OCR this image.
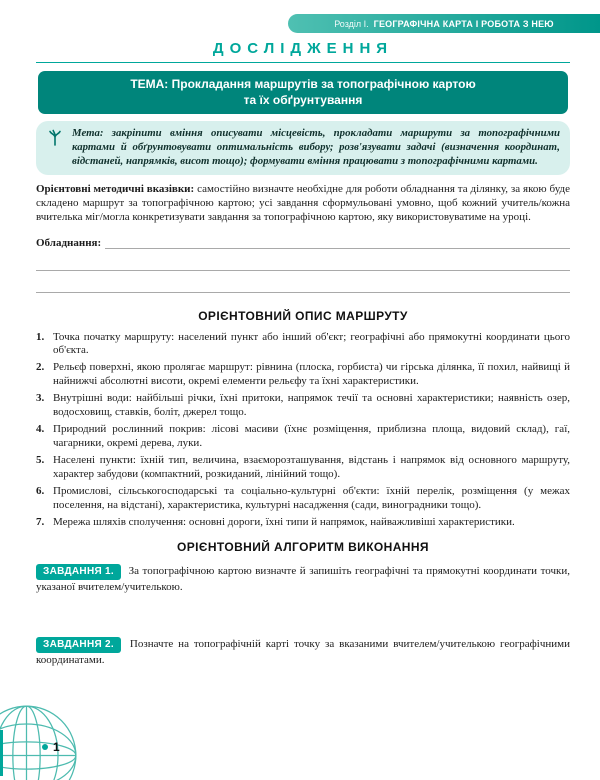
Розділ І. ГЕОГРАФІЧНА КАРТА І РОБОТА З НЕЮ
ДОСЛІДЖЕННЯ
ТЕМА: Прокладання маршрутів за топографічною картою
та їх обґрунтування
Мета: закріпити вміння описувати місцевість, прокладати маршрути за топографічними картами й обґрунтовувати оптимальність вибору; розв'язувати задачі (визначення координат, відстаней, напрямків, висот тощо); формувати вміння працювати з топографічними картами.

Орієнтовні методичні вказівки: самостійно визначте необхідне для роботи обладнання та ділянку, за якою буде складено маршрут за топографічною картою; усі завдання сформульовані умовно, щоб кожний учитель/кожна вчителька міг/могла конкретизувати завдання за топографічною картою, яку використовуватиме на уроці.

Обладнання:
ОРІЄНТОВНИЙ ОПИС МАРШРУТУ
1. Точка початку маршруту: населений пункт або інший об'єкт; географічні або прямокутні координати цього об'єкта.
2. Рельєф поверхні, якою пролягає маршрут: рівнина (плоска, горбиста) чи гірська ділянка, її похил, найвищі й найнижчі абсолютні висоти, окремі елементи рельєфу та їхні характеристики.
3. Внутрішні води: найбільші річки, їхні притоки, напрямок течії та основні характеристики; наявність озер, водосховищ, ставків, боліт, джерел тощо.
4. Природний рослинний покрив: лісові масиви (їхнє розміщення, приблизна площа, видовий склад), гаї, чагарники, окремі дерева, луки.
5. Населені пункти: їхній тип, величина, взаєморозташування, відстань і напрямок від основного маршруту, характер забудови (компактний, розкиданий, лінійний тощо).
6. Промислові, сільськогосподарські та соціально-культурні об'єкти: їхній перелік, розміщення (у межах поселення, на відстані), характеристика, культурні насадження (сади, виноградники тощо).
7. Мережа шляхів сполучення: основні дороги, їхні типи й напрямок, найважливіші характеристики.
ОРІЄНТОВНИЙ АЛГОРИТМ ВИКОНАННЯ

ЗАВДАННЯ 1. За топографічною картою визначте й запишіть географічні та прямокутні координати точки, указаної вчителем/учителькою.

ЗАВДАННЯ 2. Позначте на топографічній карті точку за вказаними вчителем/учителькою географічними координатами.

1
